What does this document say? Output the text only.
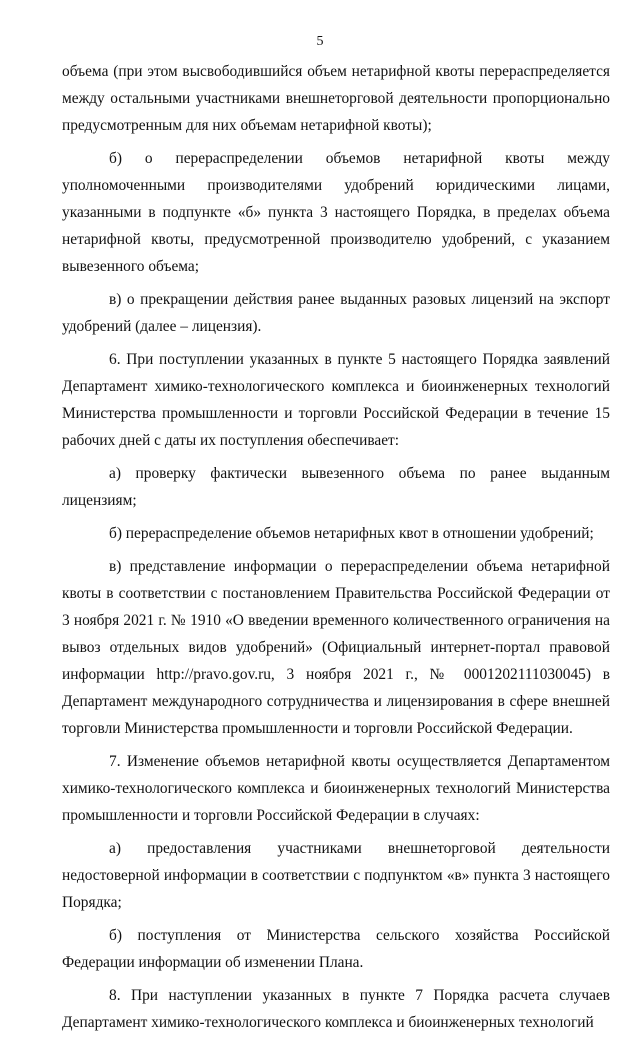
5

объема (при этом высвободившийся объем нетарифной квоты перераспределяется между остальными участниками внешнеторговой деятельности пропорционально предусмотренным для них объемам нетарифной квоты);

б) о перераспределении объемов нетарифной квоты между уполномоченными производителями удобрений юридическими лицами, указанными в подпункте «б» пункта 3 настоящего Порядка, в пределах объема нетарифной квоты, предусмотренной производителю удобрений, с указанием вывезенного объема;

в) о прекращении действия ранее выданных разовых лицензий на экспорт удобрений (далее – лицензия).

6. При поступлении указанных в пункте 5 настоящего Порядка заявлений Департамент химико-технологического комплекса и биоинженерных технологий Министерства промышленности и торговли Российской Федерации в течение 15 рабочих дней с даты их поступления обеспечивает:

а) проверку фактически вывезенного объема по ранее выданным лицензиям;

б) перераспределение объемов нетарифных квот в отношении удобрений;

в) представление информации о перераспределении объема нетарифной квоты в соответствии с постановлением Правительства Российской Федерации от 3 ноября 2021 г. № 1910 «О введении временного количественного ограничения на вывоз отдельных видов удобрений» (Официальный интернет-портал правовой информации http://pravo.gov.ru, 3 ноября 2021 г., № 0001202111030045) в Департамент международного сотрудничества и лицензирования в сфере внешней торговли Министерства промышленности и торговли Российской Федерации.

7. Изменение объемов нетарифной квоты осуществляется Департаментом химико-технологического комплекса и биоинженерных технологий Министерства промышленности и торговли Российской Федерации в случаях:

а) предоставления участниками внешнеторговой деятельности недостоверной информации в соответствии с подпунктом «в» пункта 3 настоящего Порядка;

б) поступления от Министерства сельского хозяйства Российской Федерации информации об изменении Плана.

8. При наступлении указанных в пункте 7 Порядка расчета случаев Департамент химико-технологического комплекса и биоинженерных технологий
